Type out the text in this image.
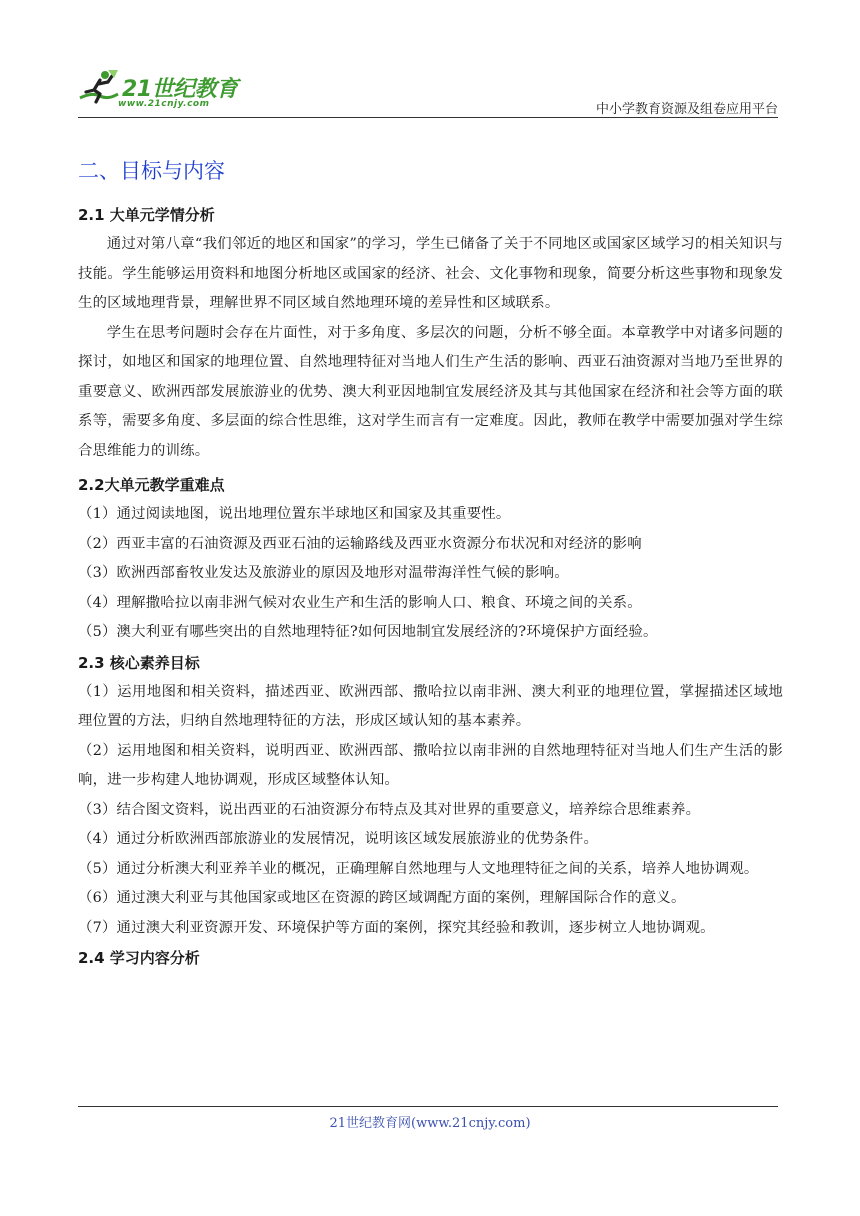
21世纪教育
www.21cnjy.com	中小学教育资源及组卷应用平台
二、目标与内容
2.1 大单元学情分析

通过对第八章“我们邻近的地区和国家”的学习，学生已储备了关于不同地区或国家区域学习的相关知识与技能。学生能够运用资料和地图分析地区或国家的经济、社会、文化事物和现象，简要分析这些事物和现象发生的区域地理背景，理解世界不同区域自然地理环境的差异性和区域联系。

学生在思考问题时会存在片面性，对于多角度、多层次的问题，分析不够全面。本章教学中对诸多问题的探讨，如地区和国家的地理位置、自然地理特征对当地人们生产生活的影响、西亚石油资源对当地乃至世界的重要意义、欧洲西部发展旅游业的优势、澳大利亚因地制宜发展经济及其与其他国家在经济和社会等方面的联系等，需要多角度、多层面的综合性思维，这对学生而言有一定难度。因此，教师在教学中需要加强对学生综合思维能力的训练。

2.2大单元教学重难点

（1）通过阅读地图，说出地理位置东半球地区和国家及其重要性。

（2）西亚丰富的石油资源及西亚石油的运输路线及西亚水资源分布状况和对经济的影响

（3）欧洲西部畜牧业发达及旅游业的原因及地形对温带海洋性气候的影响。

（4）理解撒哈拉以南非洲气候对农业生产和生活的影响人口、粮食、环境之间的关系。

（5）澳大利亚有哪些突出的自然地理特征?如何因地制宜发展经济的?环境保护方面经验。

2.3 核心素养目标

（1）运用地图和相关资料，描述西亚、欧洲西部、撒哈拉以南非洲、澳大利亚的地理位置，掌握描述区域地理位置的方法，归纳自然地理特征的方法，形成区域认知的基本素养。

（2）运用地图和相关资料，说明西亚、欧洲西部、撒哈拉以南非洲的自然地理特征对当地人们生产生活的影响，进一步构建人地协调观，形成区域整体认知。

（3）结合图文资料，说出西亚的石油资源分布特点及其对世界的重要意义，培养综合思维素养。

（4）通过分析欧洲西部旅游业的发展情况，说明该区域发展旅游业的优势条件。

（5）通过分析澳大利亚养羊业的概况，正确理解自然地理与人文地理特征之间的关系，培养人地协调观。

（6）通过澳大利亚与其他国家或地区在资源的跨区域调配方面的案例，理解国际合作的意义。

（7）通过澳大利亚资源开发、环境保护等方面的案例，探究其经验和教训，逐步树立人地协调观。

2.4 学习内容分析
21世纪教育网(www.21cnjy.com)
